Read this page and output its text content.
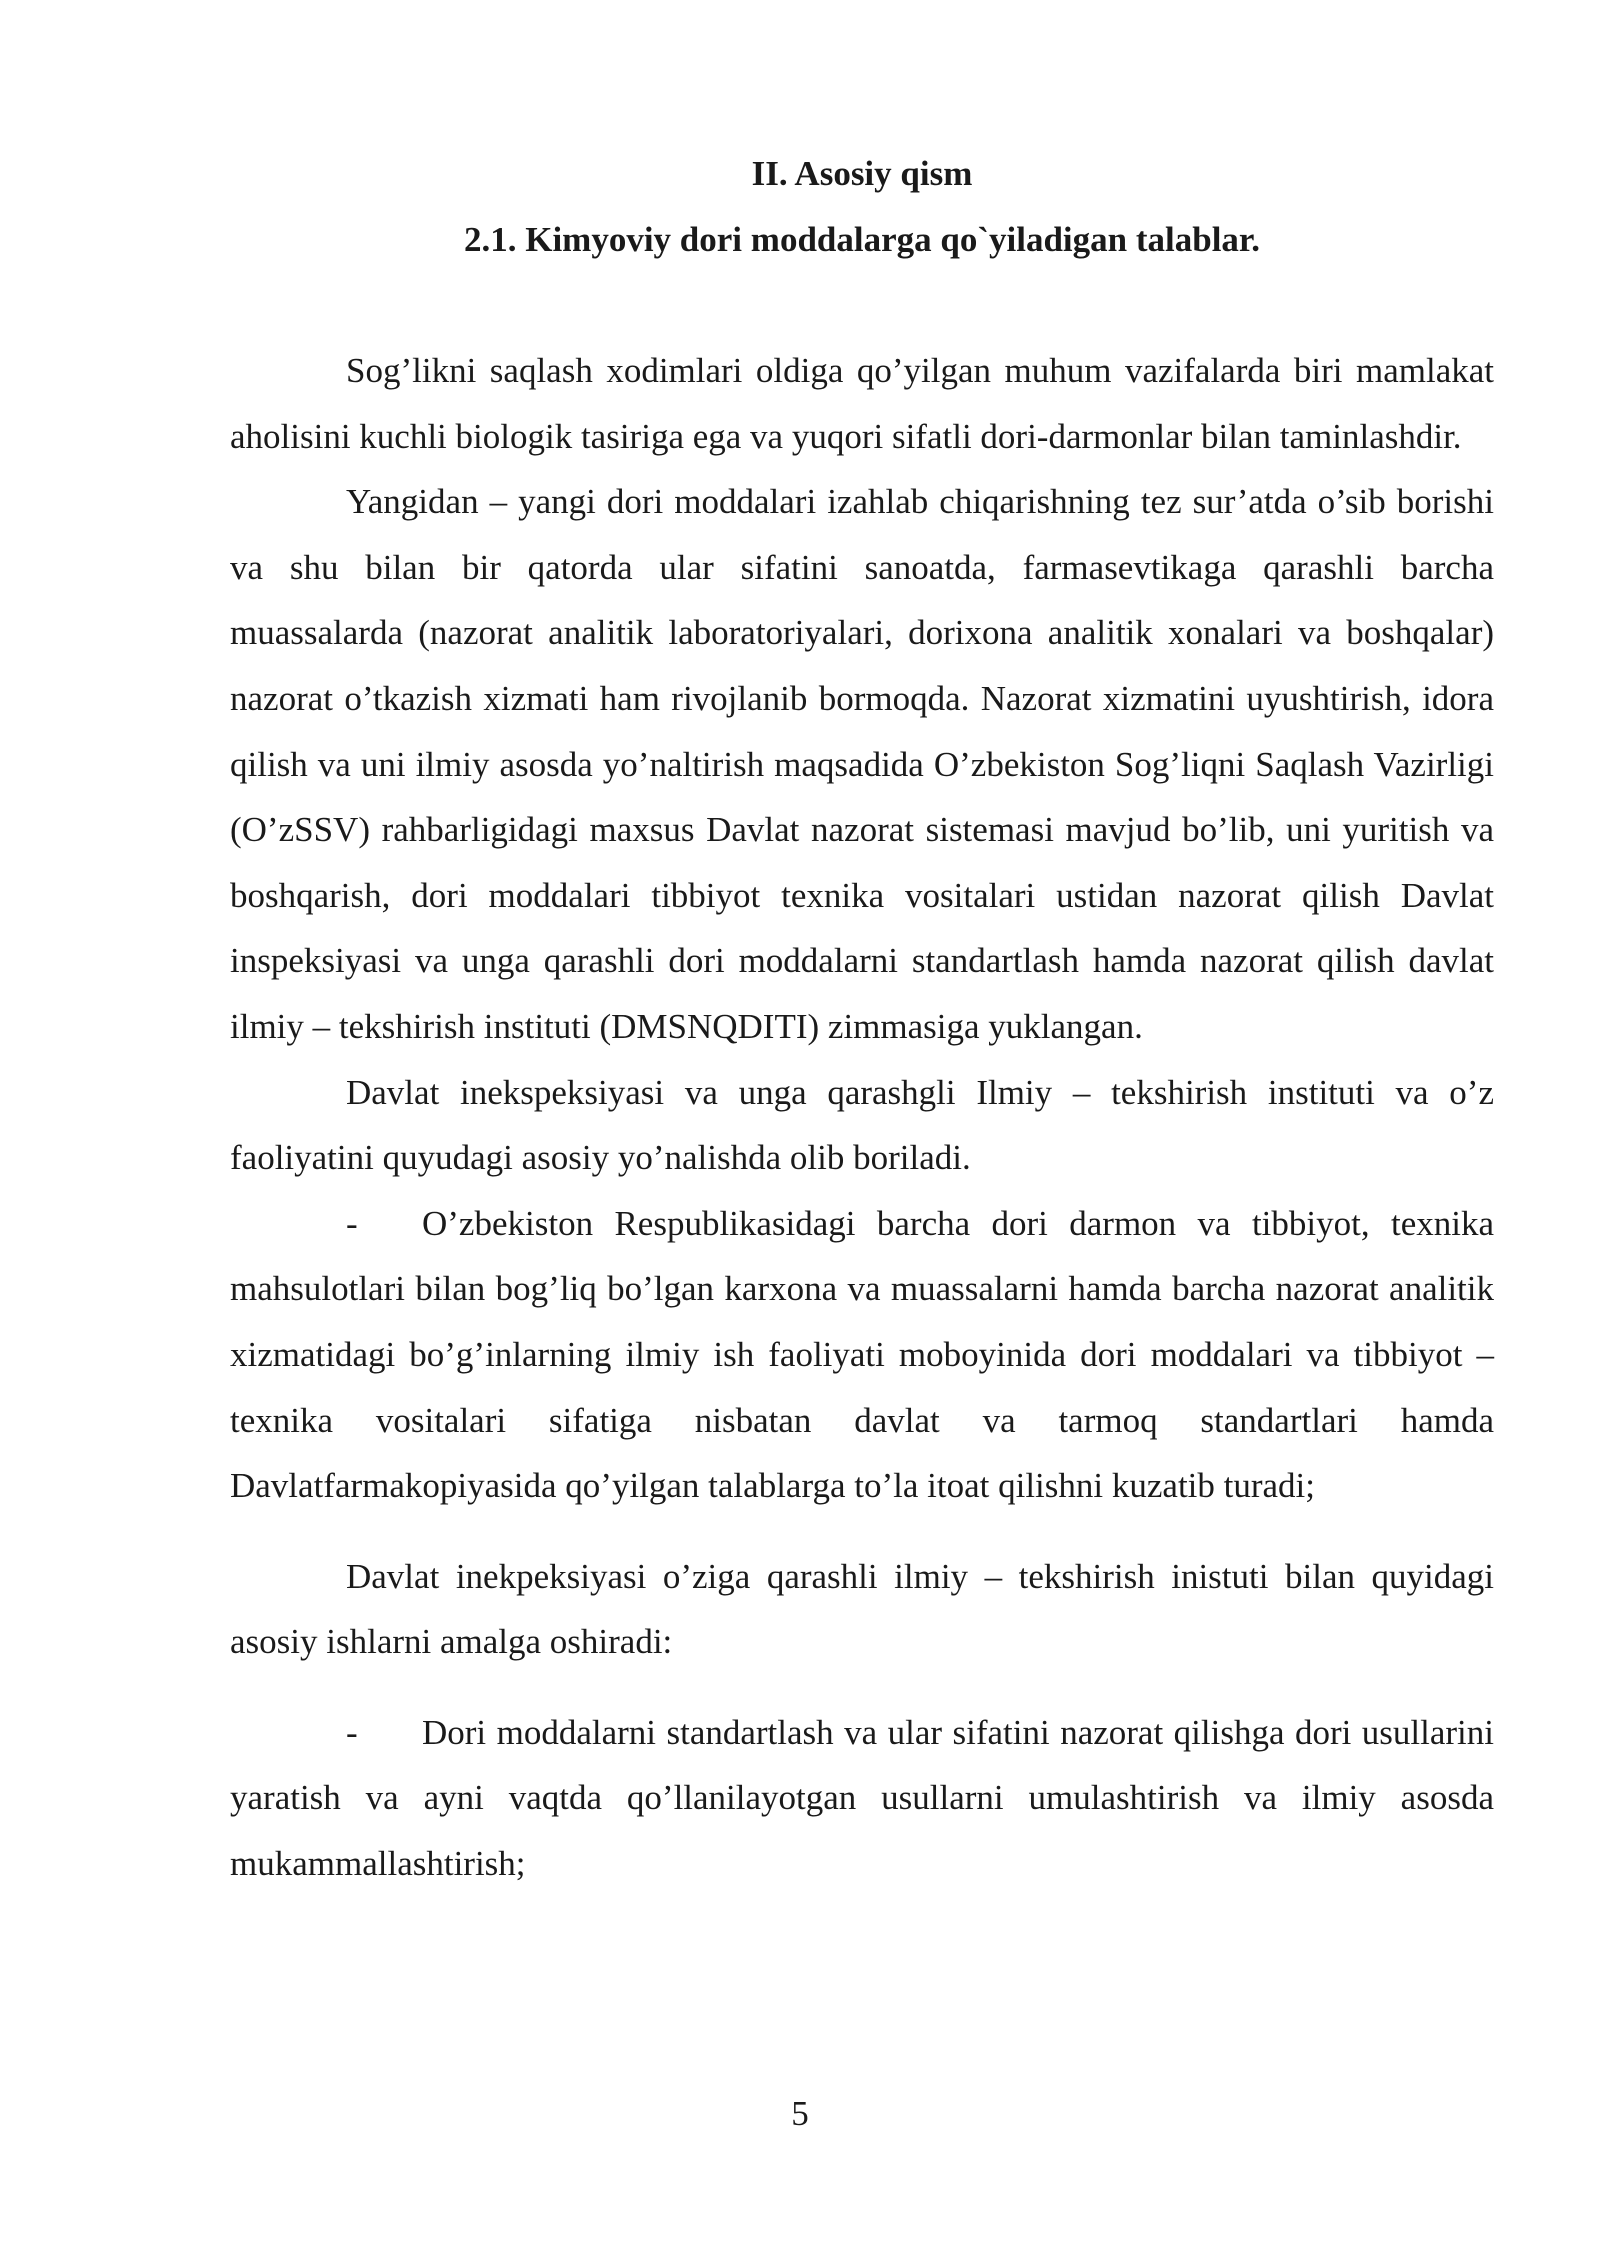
II. Asosiy qism
2.1. Kimyoviy dori moddalarga qo`yiladigan talablar.

Sog’likni saqlash xodimlari oldiga qo’yilgan muhum vazifalarda biri mamlakat aholisini kuchli biologik tasiriga ega va yuqori sifatli dori-darmonlar bilan taminlashdir.

Yangidan – yangi dori moddalari izahlab chiqarishning tez sur’atda o’sib borishi va shu bilan bir qatorda ular sifatini sanoatda, farmasevtikaga qarashli barcha muassalarda (nazorat analitik laboratoriyalari, dorixona analitik xonalari va boshqalar) nazorat o’tkazish xizmati ham rivojlanib bormoqda. Nazorat xizmatini uyushtirish, idora qilish va uni ilmiy asosda yo’naltirish maqsadida O’zbekiston Sog’liqni Saqlash Vazirligi (O’zSSV) rahbarligidagi maxsus Davlat nazorat sistemasi mavjud bo’lib, uni yuritish va boshqarish, dori moddalari tibbiyot texnika vositalari ustidan nazorat qilish Davlat inspeksiyasi va unga qarashli dori moddalarni standartlash hamda nazorat qilish davlat ilmiy – tekshirish instituti (DMSNQDITI) zimmasiga yuklangan.

Davlat inekspeksiyasi va unga qarashgli Ilmiy – tekshirish instituti va o’z faoliyatini quyudagi asosiy yo’nalishda olib boriladi.

- O’zbekiston Respublikasidagi barcha dori darmon va tibbiyot, texnika mahsulotlari bilan bog’liq bo’lgan karxona va muassalarni hamda barcha nazorat analitik xizmatidagi bo’g’inlarning ilmiy ish faoliyati moboyinida dori moddalari va tibbiyot – texnika vositalari sifatiga nisbatan davlat va tarmoq standartlari hamda Davlatfarmakopiyasida qo’yilgan talablarga to’la itoat qilishni kuzatib turadi;

Davlat inekpeksiyasi o’ziga qarashli ilmiy – tekshirish inistuti bilan quyidagi asosiy ishlarni amalga oshiradi:

- Dori moddalarni standartlash va ular sifatini nazorat qilishga dori usullarini yaratish va ayni vaqtda qo’llanilayotgan usullarni umulashtirish va ilmiy asosda mukammallashtirish;

5
